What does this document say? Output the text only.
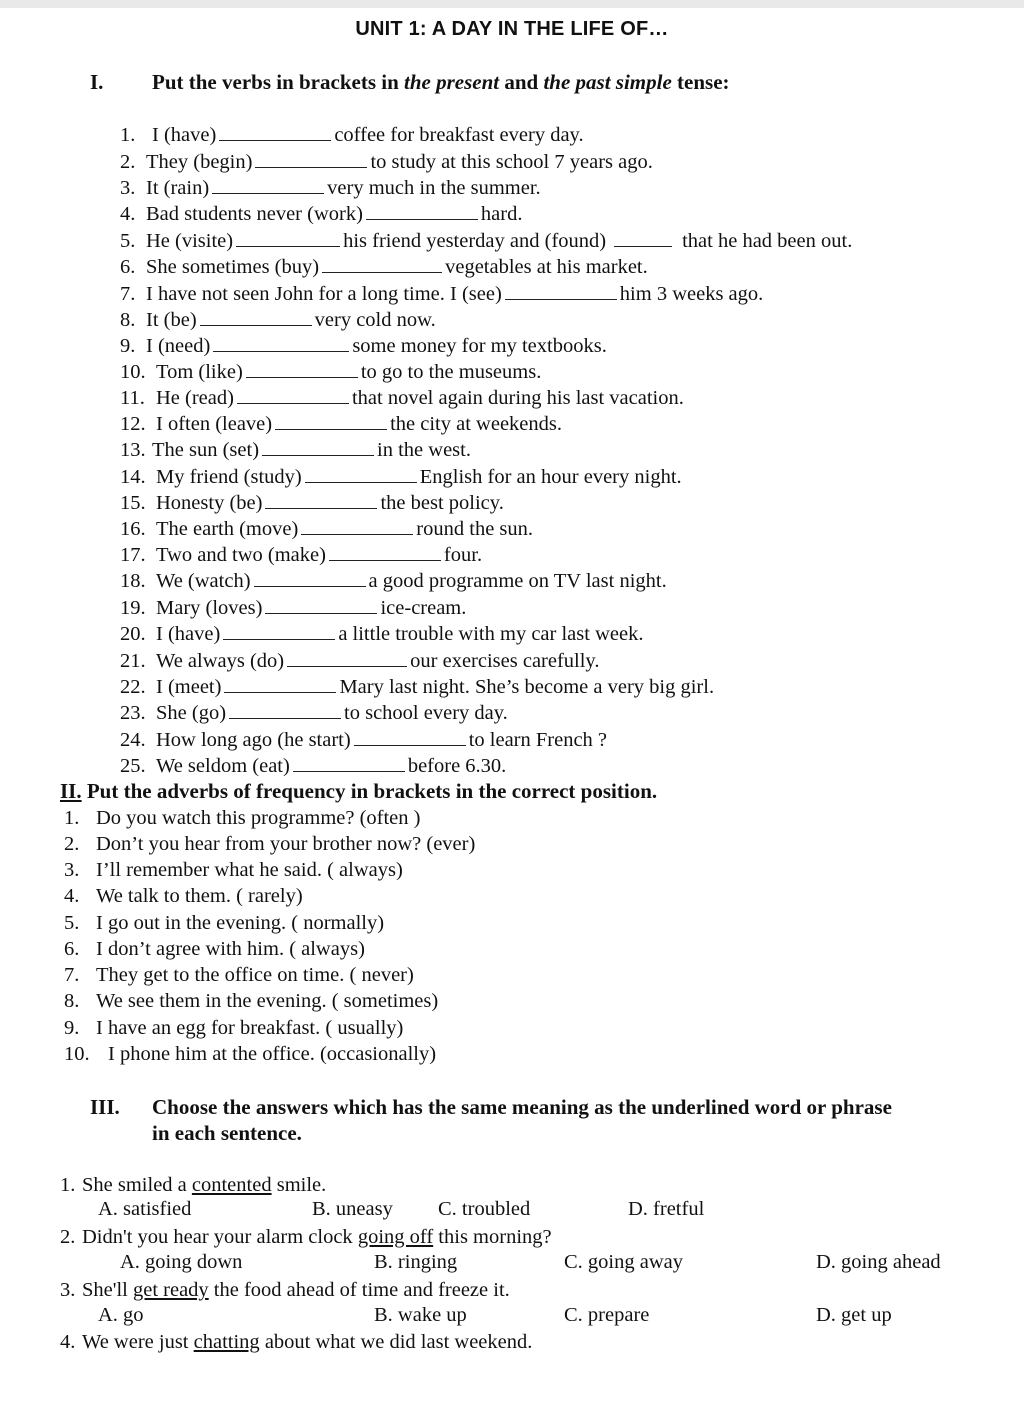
UNIT 1: A DAY IN THE LIFE OF…
I. Put the verbs in brackets in the present and the past simple tense:
1. I (have)	coffee for breakfast every day.
2. They (begin)	to study at this school 7 years ago.
3. It (rain)	very much in the summer.
4. Bad students never (work)	hard.
5. He (visite)	his friend yesterday and (found)	that he had been out.
6. She sometimes (buy)	vegetables at his market.
7. I have not seen John for a long time. I (see)	him 3 weeks ago.
8. It (be)	very cold now.
9. I (need)	some money for my textbooks.
10. Tom (like)	to go to the museums.
11. He (read)	that novel again during his last vacation.
12. I often (leave)	the city at weekends.
13. The sun (set)	in the west.
14. My friend (study)	English for an hour every night.
15. Honesty (be)	the best policy.
16. The earth (move)	round the sun.
17. Two and two (make)	four.
18. We (watch)	a good programme on TV last night.
19. Mary (loves)	ice-cream.
20. I (have)	a little trouble with my car last week.
21. We always (do)	our exercises carefully.
22. I (meet)	Mary last night. She’s become a very big girl.
23. She (go)	to school every day.
24. How long ago (he start)	to learn French ?
25. We seldom (eat)	before 6.30.
II. Put the adverbs of frequency in brackets in the correct position.
1. Do you watch this programme? (often )
2. Don’t you hear from your brother now? (ever)
3. I’ll remember what he said. ( always)
4. We talk to them. ( rarely)
5. I go out in the evening. ( normally)
6. I don’t agree with him. ( always)
7. They get to the office on time. ( never)
8. We see them in the evening. ( sometimes)
9. I have an egg for breakfast. ( usually)
10. I phone him at the office. (occasionally)
III. Choose the answers which has the same meaning as the underlined word or phrase
in each sentence.
1. She smiled a contented smile.
A. satisfied	B. uneasy C. troubled	D. fretful
2. Didn't you hear your alarm clock going off this morning?
A. going down	B. ringing	C. going away	D. going ahead
3. She'll get ready the food ahead of time and freeze it.
A. go	B. wake up	C. prepare	D. get up
4. We were just chatting about what we did last weekend.
